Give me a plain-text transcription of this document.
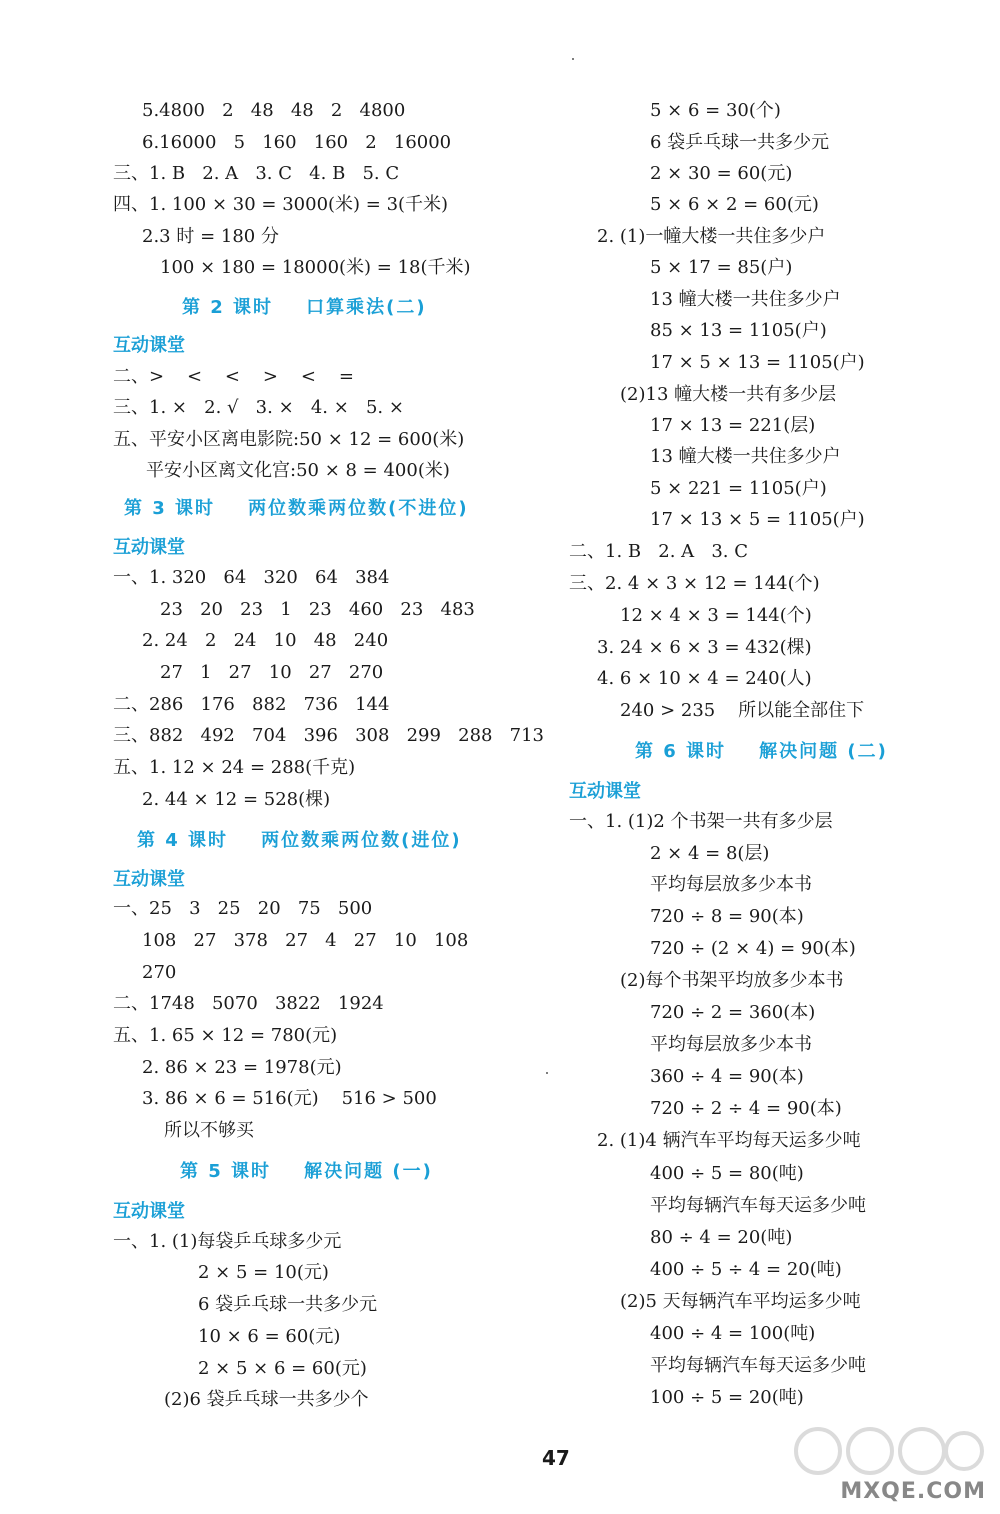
5.4800   2   48   48   2   4800
6.16000   5   160   160   2   16000
三、1. B   2. A   3. C   4. B   5. C
四、1. 100 × 30 = 3000(米) = 3(千米)
2.3 时 = 180 分
100 × 180 = 18000(米) = 18(千米)
第 2 课时    口算乘法(二)
互动课堂
二、>    <    <    >    <    =
三、1. ×   2. √   3. ×   4. ×   5. ×
五、平安小区离电影院:50 × 12 = 600(米)
平安小区离文化宫:50 × 8 = 400(米)
第 3 课时    两位数乘两位数(不进位)
互动课堂
一、1. 320   64   320   64   384
23   20   23   1   23   460   23   483
2. 24   2   24   10   48   240
27   1   27   10   27   270
二、286   176   882   736   144
三、882   492   704   396   308   299   288   713
五、1. 12 × 24 = 288(千克)
2. 44 × 12 = 528(棵)
第 4 课时    两位数乘两位数(进位)
互动课堂
一、25   3   25   20   75   500
108   27   378   27   4   27   10   108
270
二、1748   5070   3822   1924
五、1. 65 × 12 = 780(元)
2. 86 × 23 = 1978(元)
3. 86 × 6 = 516(元)    516 > 500
所以不够买
第 5 课时    解决问题 (一)
互动课堂
一、1. (1)每袋乒乓球多少元
2 × 5 = 10(元)
6 袋乒乓球一共多少元
10 × 6 = 60(元)
2 × 5 × 6 = 60(元)
(2)6 袋乒乓球一共多少个
5 × 6 = 30(个)
6 袋乒乓球一共多少元
2 × 30 = 60(元)
5 × 6 × 2 = 60(元)
2. (1)一幢大楼一共住多少户
5 × 17 = 85(户)
13 幢大楼一共住多少户
85 × 13 = 1105(户)
17 × 5 × 13 = 1105(户)
(2)13 幢大楼一共有多少层
17 × 13 = 221(层)
13 幢大楼一共住多少户
5 × 221 = 1105(户)
17 × 13 × 5 = 1105(户)
二、1. B   2. A   3. C
三、2. 4 × 3 × 12 = 144(个)
12 × 4 × 3 = 144(个)
3. 24 × 6 × 3 = 432(棵)
4. 6 × 10 × 4 = 240(人)
240 > 235    所以能全部住下
第 6 课时    解决问题 (二)
互动课堂
一、1. (1)2 个书架一共有多少层
2 × 4 = 8(层)
平均每层放多少本书
720 ÷ 8 = 90(本)
720 ÷ (2 × 4) = 90(本)
(2)每个书架平均放多少本书
720 ÷ 2 = 360(本)
平均每层放多少本书
360 ÷ 4 = 90(本)
720 ÷ 2 ÷ 4 = 90(本)
2. (1)4 辆汽车平均每天运多少吨
400 ÷ 5 = 80(吨)
平均每辆汽车每天运多少吨
80 ÷ 4 = 20(吨)
400 ÷ 5 ÷ 4 = 20(吨)
(2)5 天每辆汽车平均运多少吨
400 ÷ 4 = 100(吨)
平均每辆汽车每天运多少吨
100 ÷ 5 = 20(吨)
47
MXQE.COM
